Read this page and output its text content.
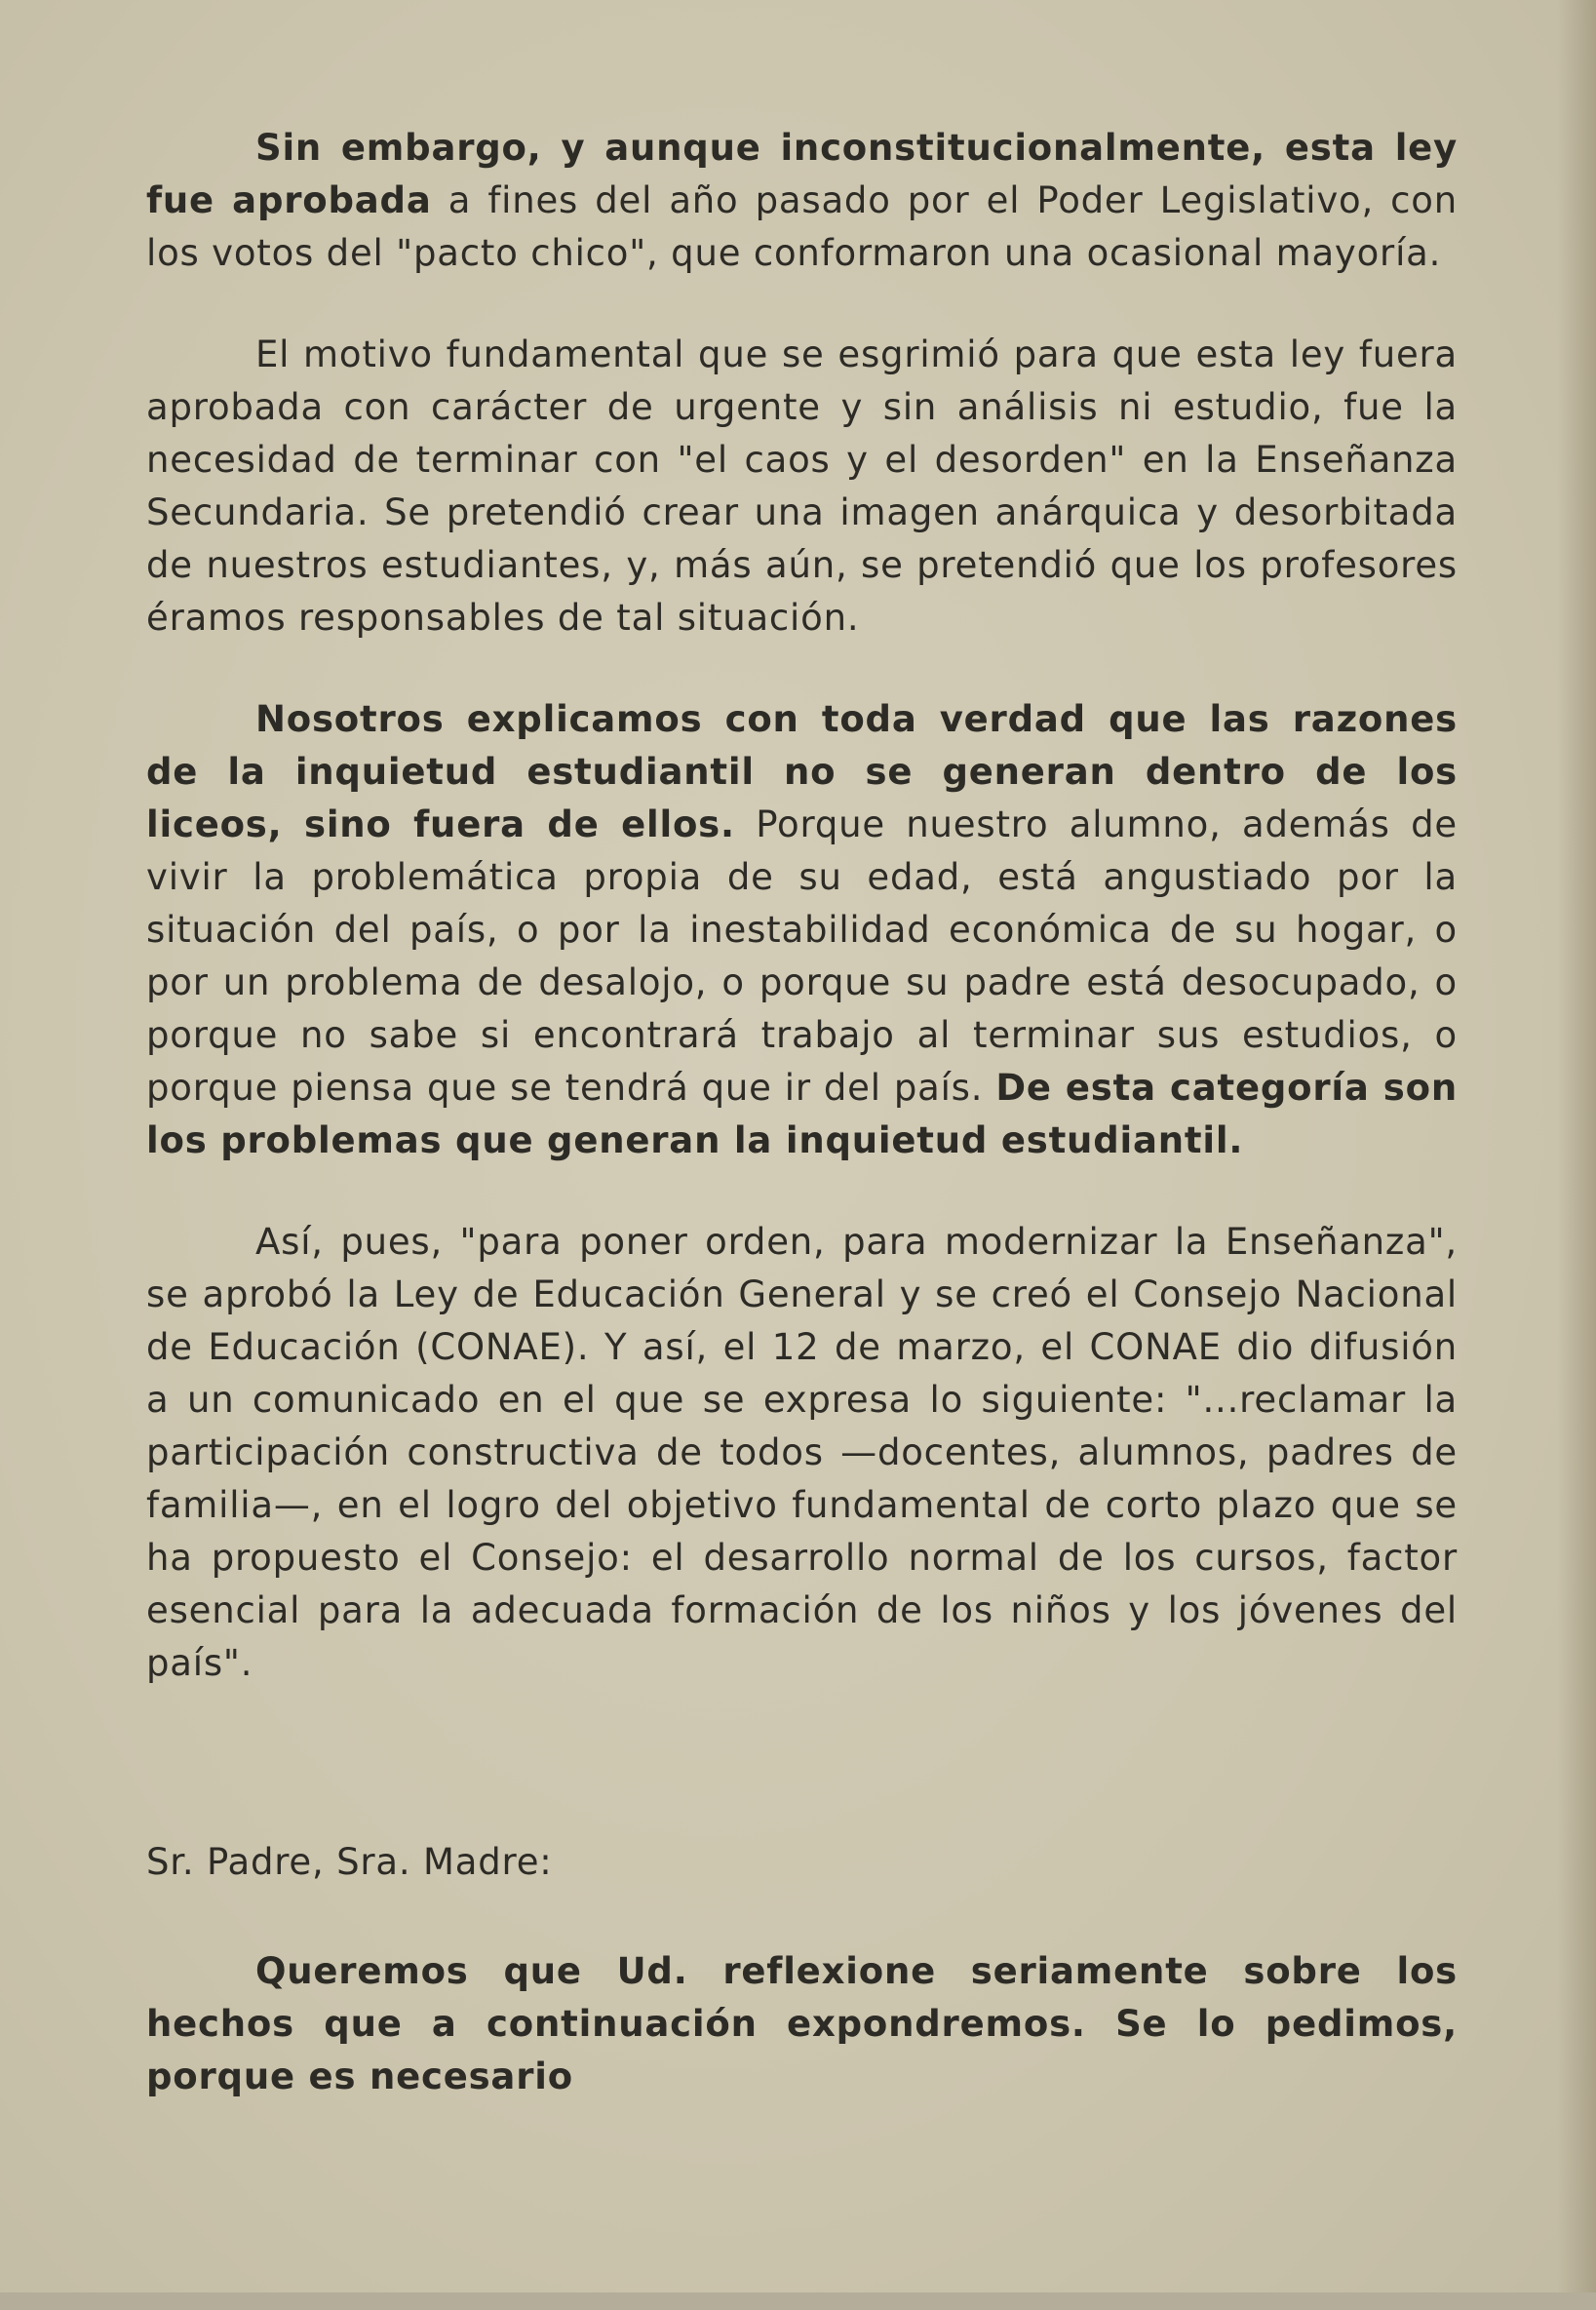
Sin embargo, y aunque inconstitucionalmente, esta ley fue aprobada a fines del año pasado por el Poder Legislativo, con los votos del "pacto chico", que conformaron una ocasional mayoría.

El motivo fundamental que se esgrimió para que esta ley fuera aprobada con carácter de urgente y sin análisis ni estudio, fue la necesidad de terminar con "el caos y el desorden" en la Enseñanza Secundaria. Se pretendió crear una imagen anárquica y desorbitada de nuestros estudiantes, y, más aún, se pretendió que los profesores éramos responsables de tal situación.

Nosotros explicamos con toda verdad que las razones de la inquietud estudiantil no se generan dentro de los liceos, sino fuera de ellos. Porque nuestro alumno, además de vivir la problemática propia de su edad, está angustiado por la situación del país, o por la inestabilidad económica de su hogar, o por un problema de desalojo, o porque su padre está desocupado, o porque no sabe si encontrará trabajo al terminar sus estudios, o porque piensa que se tendrá que ir del país. De esta categoría son los problemas que generan la inquietud estudiantil.

Así, pues, "para poner orden, para modernizar la Enseñanza", se aprobó la Ley de Educación General y se creó el Consejo Nacional de Educación (CONAE). Y así, el 12 de marzo, el CONAE dio difusión a un comunicado en el que se expresa lo siguiente: "...reclamar la participación constructiva de todos —docentes, alumnos, padres de familia—, en el logro del objetivo fundamental de corto plazo que se ha propuesto el Consejo: el desarrollo normal de los cursos, factor esencial para la adecuada formación de los niños y los jóvenes del país".

Sr. Padre, Sra. Madre:

Queremos que Ud. reflexione seriamente sobre los hechos que a continuación expondremos. Se lo pedimos, porque es necesario
